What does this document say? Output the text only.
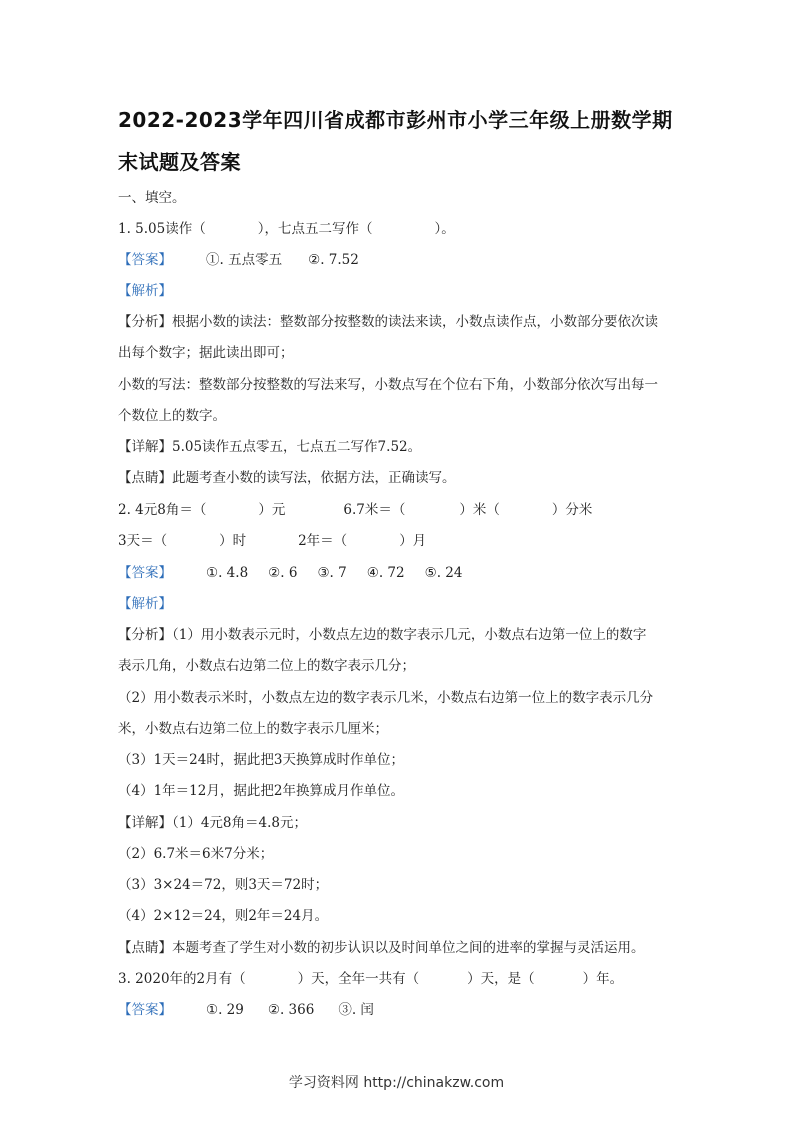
2022-2023学年四川省成都市彭州市小学三年级上册数学期
末试题及答案
一、填空。
1. 5.05读作（	），七点五二写作（	）。
【答案】	①. 五点零五 ②. 7.52
【解析】
【分析】根据小数的读法：整数部分按整数的读法来读，小数点读作点，小数部分要依次读
出每个数字；据此读出即可；
小数的写法：整数部分按整数的写法来写，小数点写在个位右下角，小数部分依次写出每一
个数位上的数字。
【详解】5.05读作五点零五，七点五二写作7.52。
【点睛】此题考查小数的读写法，依据方法，正确读写。
2. 4元8角＝（	）元	6.7米＝（	）米（	）分米
3天＝（	）时	2年＝（	）月
【答案】	①. 4.8 ②. 6 ③. 7 ④. 72 ⑤. 24
【解析】
【分析】（1）用小数表示元时，小数点左边的数字表示几元，小数点右边第一位上的数字
表示几角，小数点右边第二位上的数字表示几分；
（2）用小数表示米时，小数点左边的数字表示几米，小数点右边第一位上的数字表示几分
米，小数点右边第二位上的数字表示几厘米；
（3）1天＝24时，据此把3天换算成时作单位；
（4）1年＝12月，据此把2年换算成月作单位。
【详解】（1）4元8角＝4.8元；
（2）6.7米＝6米7分米；
（3）3×24＝72，则3天＝72时；
（4）2×12＝24，则2年＝24月。
【点睛】本题考查了学生对小数的初步认识以及时间单位之间的进率的掌握与灵活运用。
3. 2020年的2月有（	）天，全年一共有（	）天，是（	）年。
【答案】	①. 29 ②. 366 ③. 闰
学习资料网 http://chinakzw.com
